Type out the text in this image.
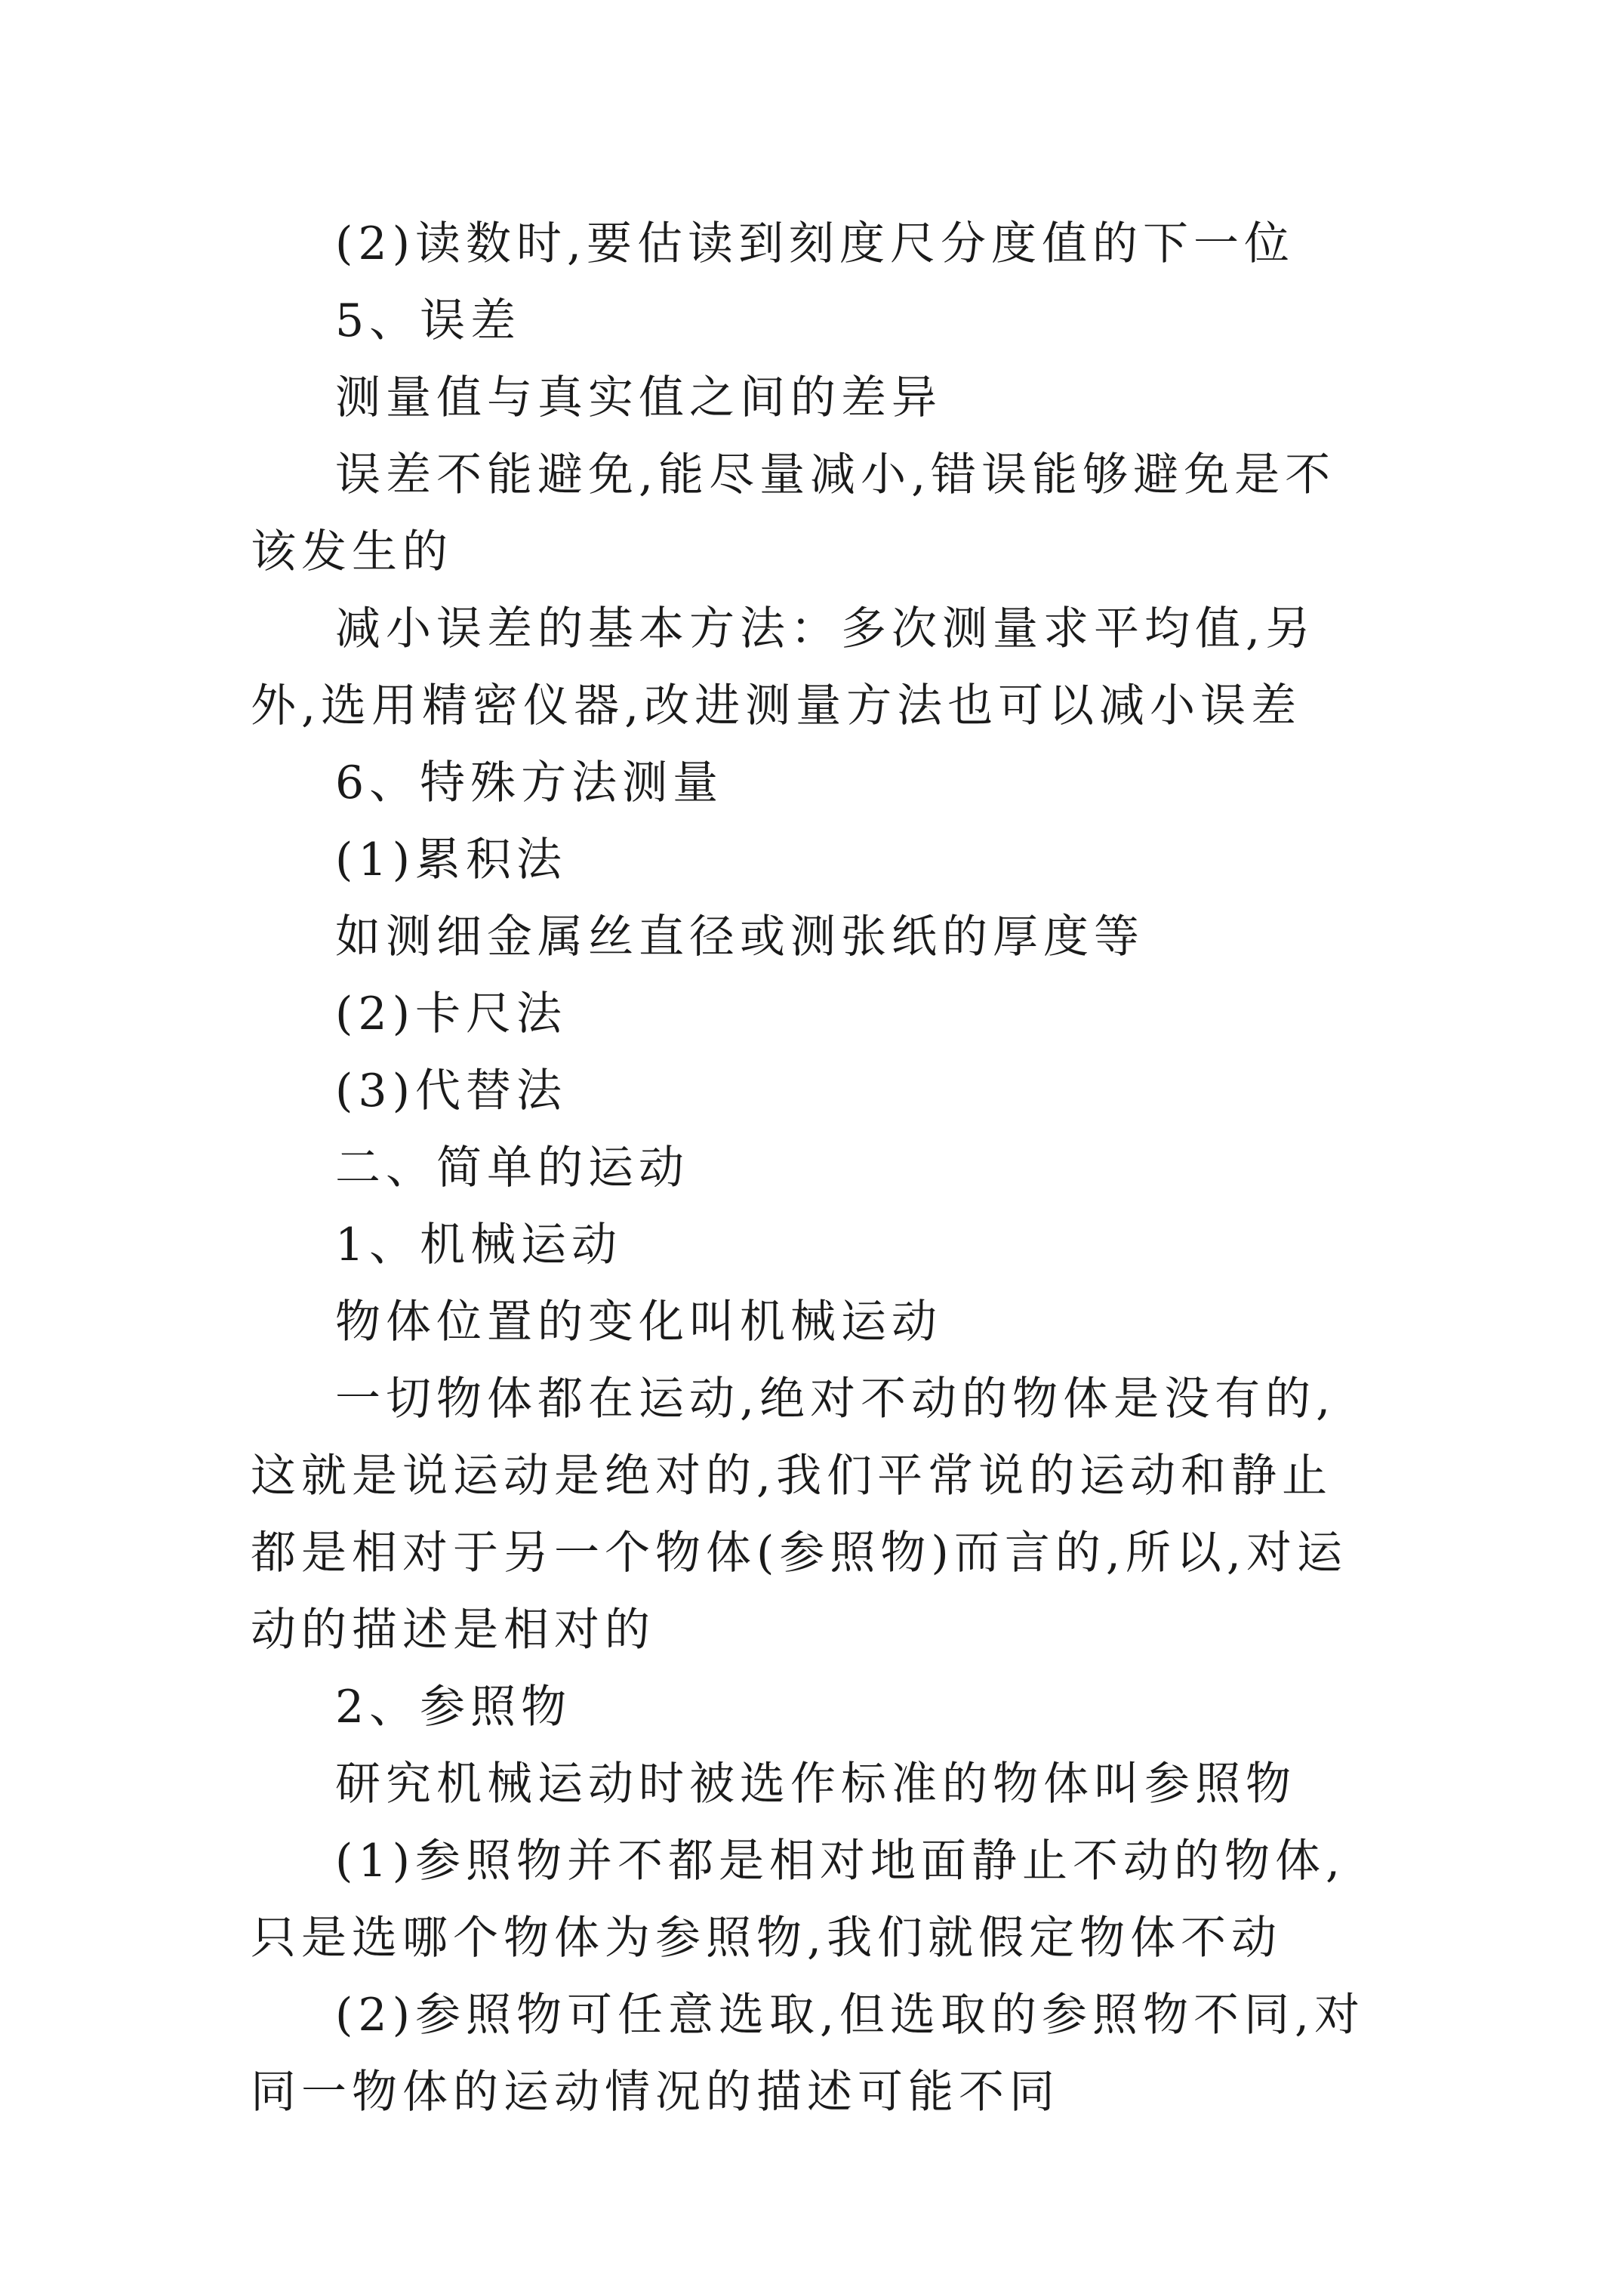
(2)读数时,要估读到刻度尺分度值的下一位

5、误差

测量值与真实值之间的差异

误差不能避免,能尽量减小,错误能够避免是不该发生的

减小误差的基本方法：多次测量求平均值,另外,选用精密仪器,改进测量方法也可以减小误差

6、特殊方法测量

(1)累积法

如测细金属丝直径或测张纸的厚度等

(2)卡尺法

(3)代替法

二、简单的运动

1、机械运动

物体位置的变化叫机械运动

一切物体都在运动,绝对不动的物体是没有的,这就是说运动是绝对的,我们平常说的运动和静止都是相对于另一个物体(参照物)而言的,所以,对运动的描述是相对的

2、参照物

研究机械运动时被选作标准的物体叫参照物

(1)参照物并不都是相对地面静止不动的物体,只是选哪个物体为参照物,我们就假定物体不动

(2)参照物可任意选取,但选取的参照物不同,对同一物体的运动情况的描述可能不同
